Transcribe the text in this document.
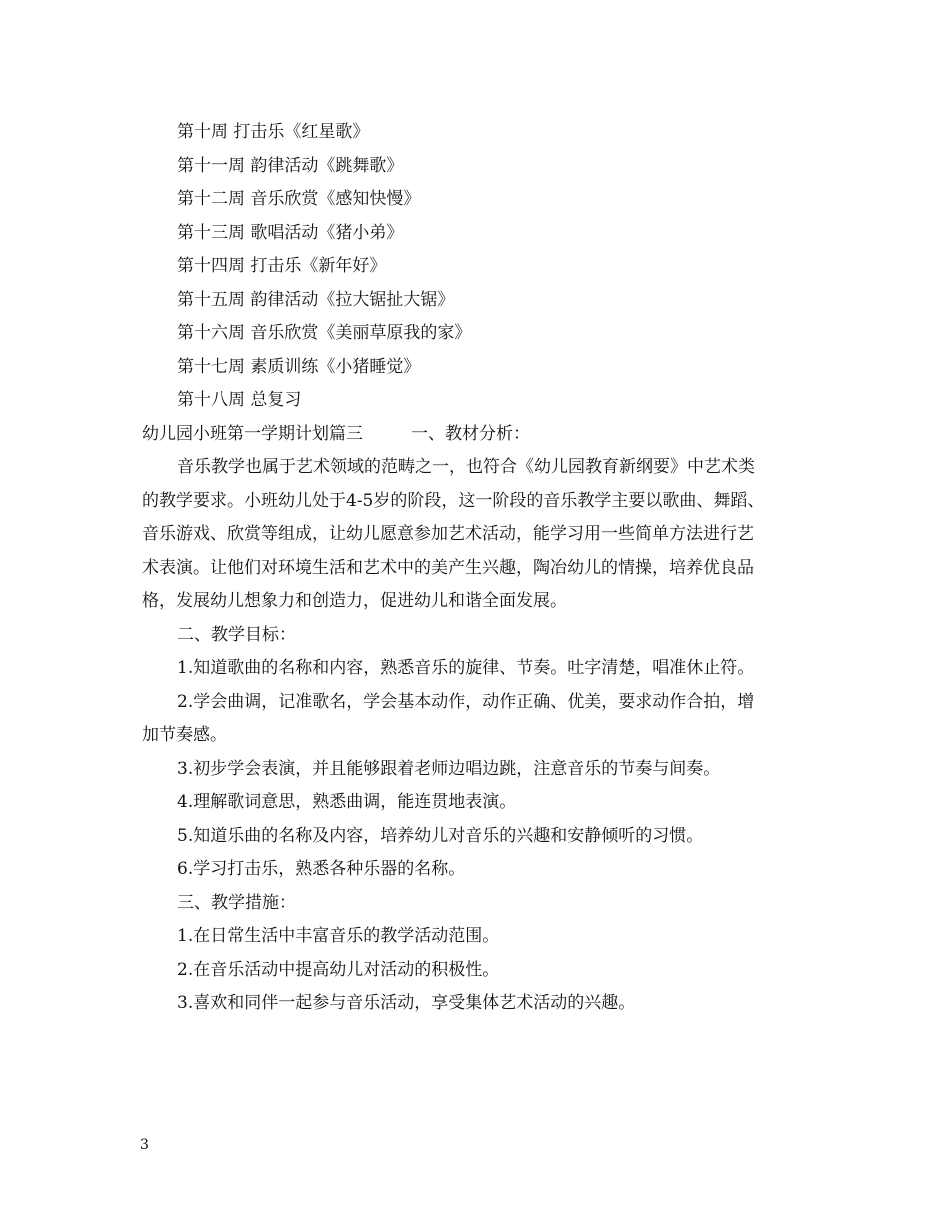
第十周 打击乐《红星歌》

第十一周 韵律活动《跳舞歌》

第十二周 音乐欣赏《感知快慢》

第十三周 歌唱活动《猪小弟》

第十四周 打击乐《新年好》

第十五周 韵律活动《拉大锯扯大锯》

第十六周 音乐欣赏《美丽草原我的家》

第十七周 素质训练《小猪睡觉》

第十八周 总复习

幼儿园小班第一学期计划篇三	一、教材分析：

音乐教学也属于艺术领域的范畴之一，也符合《幼儿园教育新纲要》中艺术类

的教学要求。小班幼儿处于4-5岁的阶段，这一阶段的音乐教学主要以歌曲、舞蹈、

音乐游戏、欣赏等组成，让幼儿愿意参加艺术活动，能学习用一些简单方法进行艺

术表演。让他们对环境生活和艺术中的美产生兴趣，陶冶幼儿的情操，培养优良品

格，发展幼儿想象力和创造力，促进幼儿和谐全面发展。

二、教学目标：

1.知道歌曲的名称和内容，熟悉音乐的旋律、节奏。吐字清楚，唱准休止符。

2.学会曲调，记准歌名，学会基本动作，动作正确、优美，要求动作合拍，增

加节奏感。

3.初步学会表演，并且能够跟着老师边唱边跳，注意音乐的节奏与间奏。

4.理解歌词意思，熟悉曲调，能连贯地表演。

5.知道乐曲的名称及内容，培养幼儿对音乐的兴趣和安静倾听的习惯。

6.学习打击乐，熟悉各种乐器的名称。

三、教学措施：

1.在日常生活中丰富音乐的教学活动范围。

2.在音乐活动中提高幼儿对活动的积极性。

3.喜欢和同伴一起参与音乐活动，享受集体艺术活动的兴趣。

3
